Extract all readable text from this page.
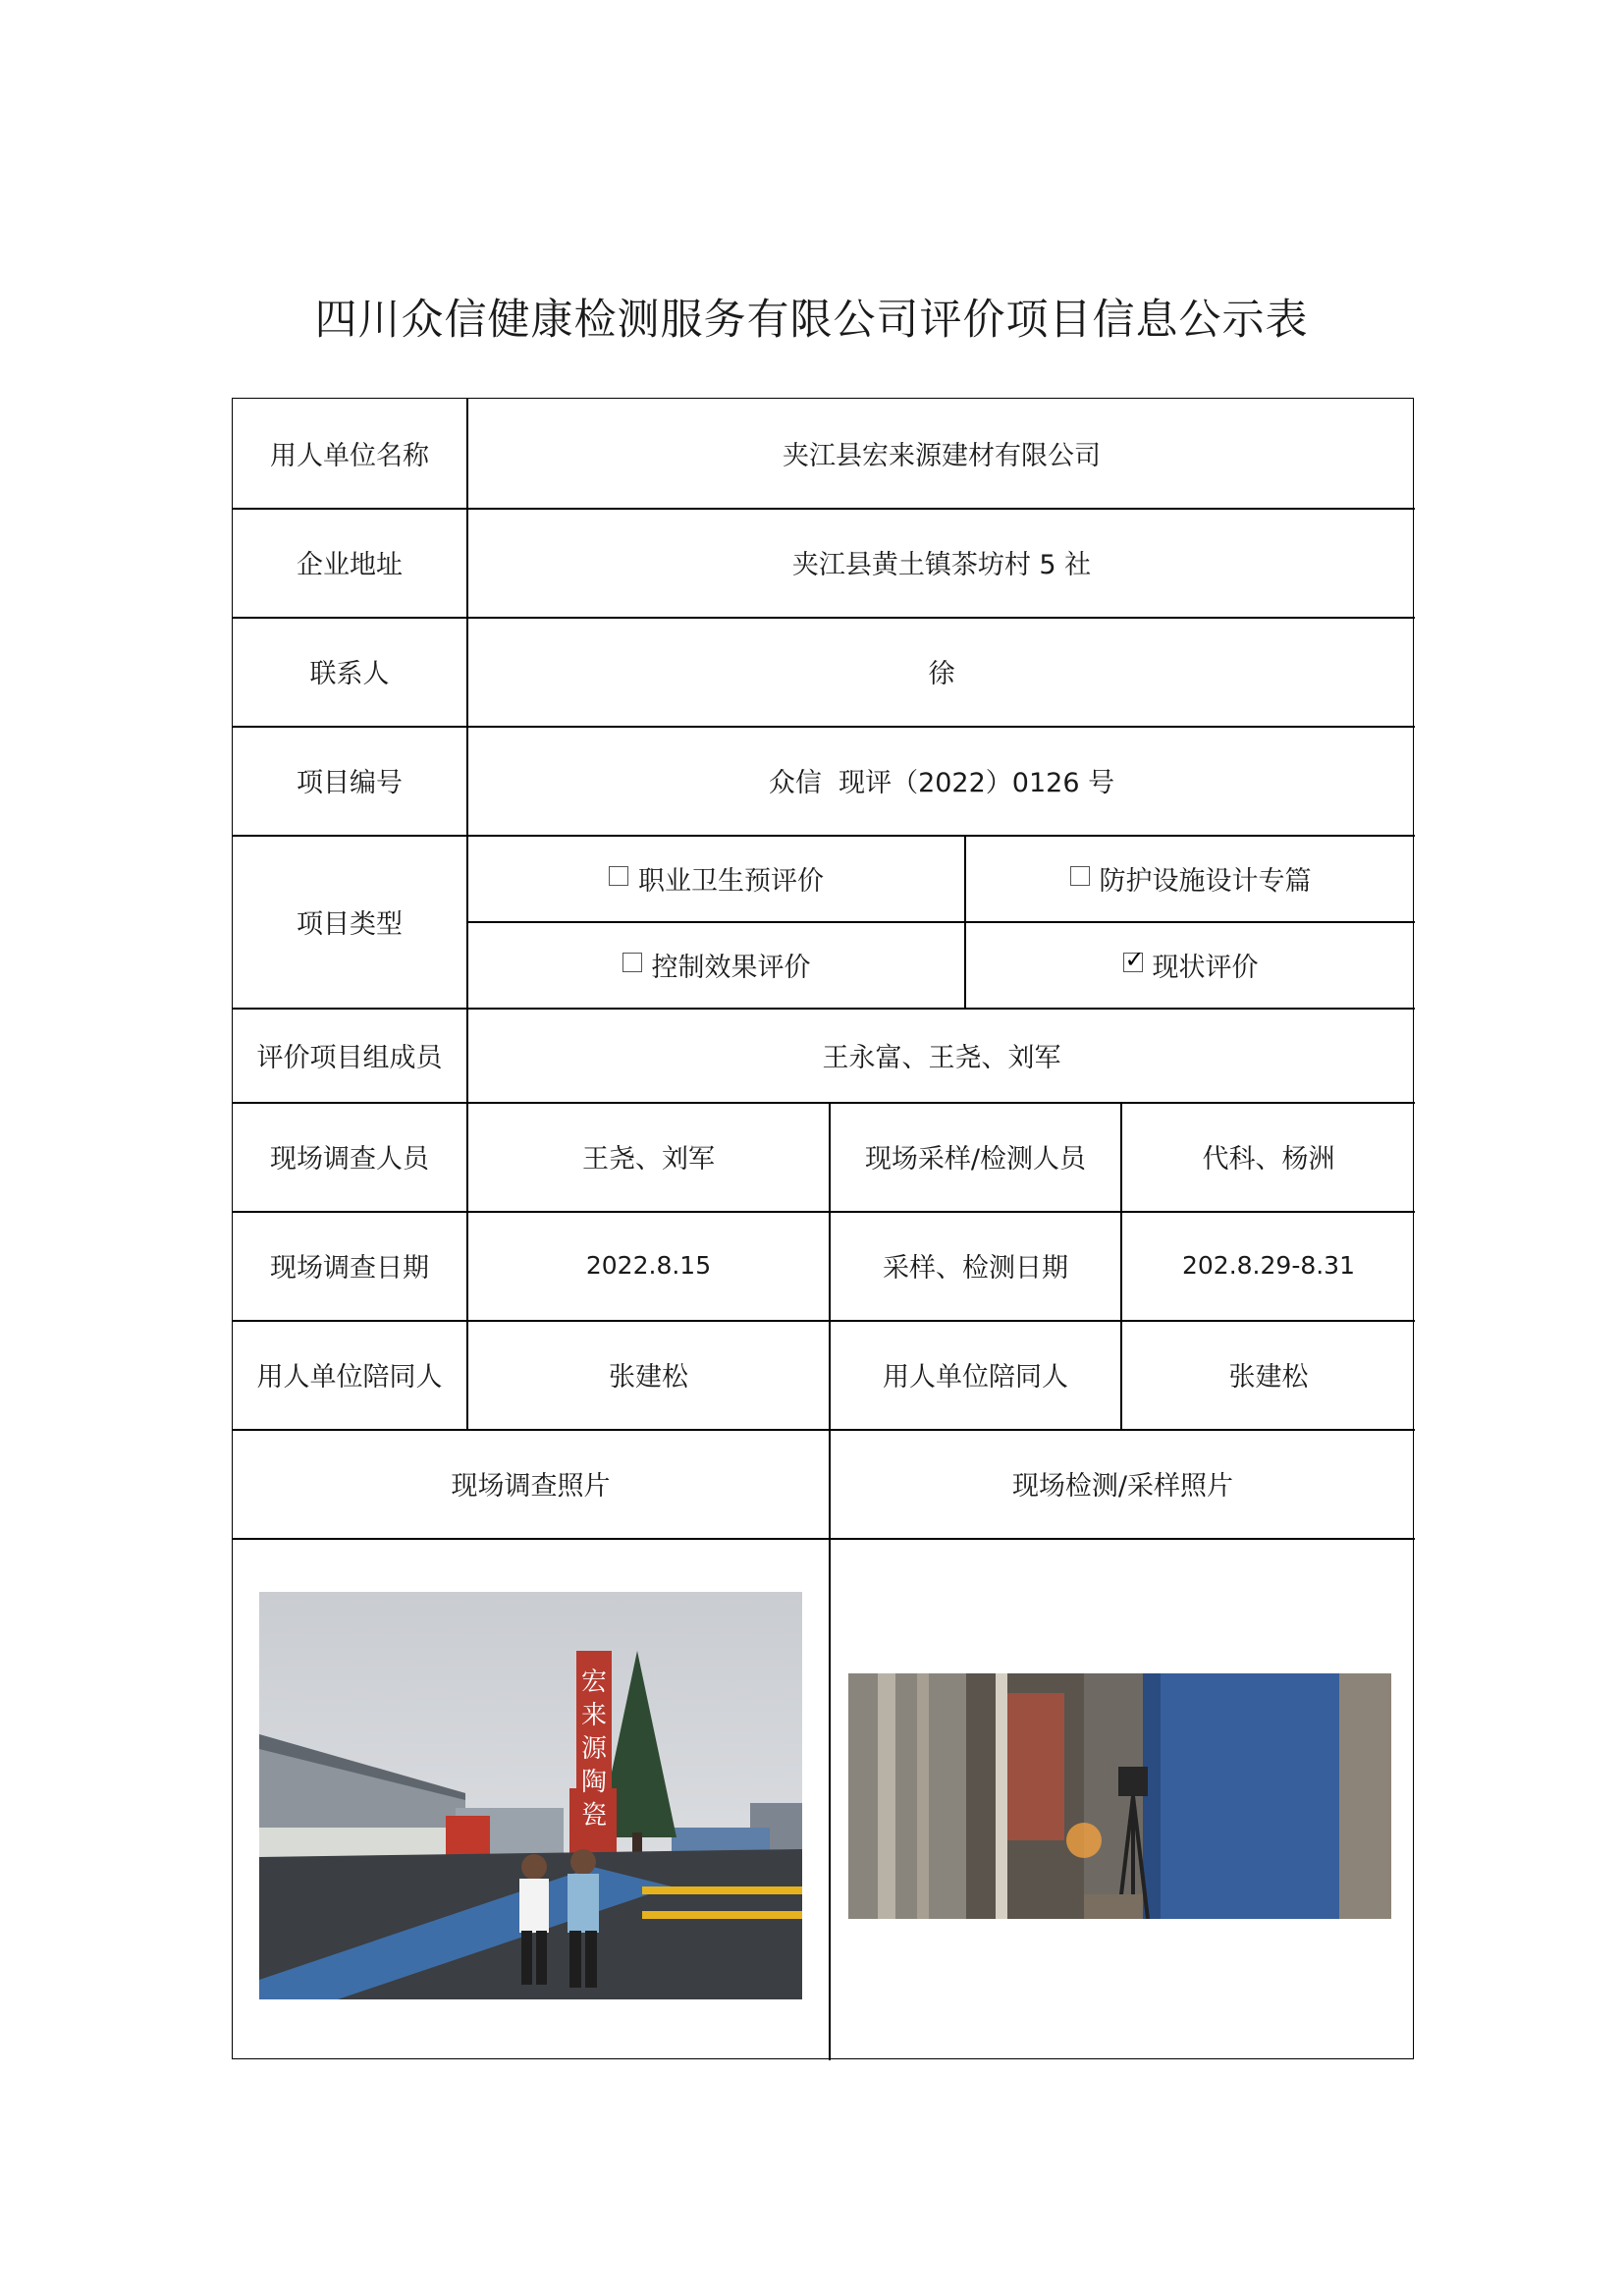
四川众信健康检测服务有限公司评价项目信息公示表
用人单位名称	夹江县宏来源建材有限公司
企业地址	夹江县黄土镇茶坊村 5 社
联系人	徐
项目编号	众信  现评（2022）0126 号
项目类型
职业卫生预评价	防护设施设计专篇
控制效果评价
✓	现状评价
评价项目组成员	王永富、王尧、刘军
现场调查人员	王尧、刘军	现场采样/检测人员	代科、杨洲
现场调查日期	2022.8.15	采样、检测日期	202.8.29-8.31
用人单位陪同人	张建松	用人单位陪同人	张建松
现场调查照片	现场检测/采样照片
宏
来
源
陶
瓷
